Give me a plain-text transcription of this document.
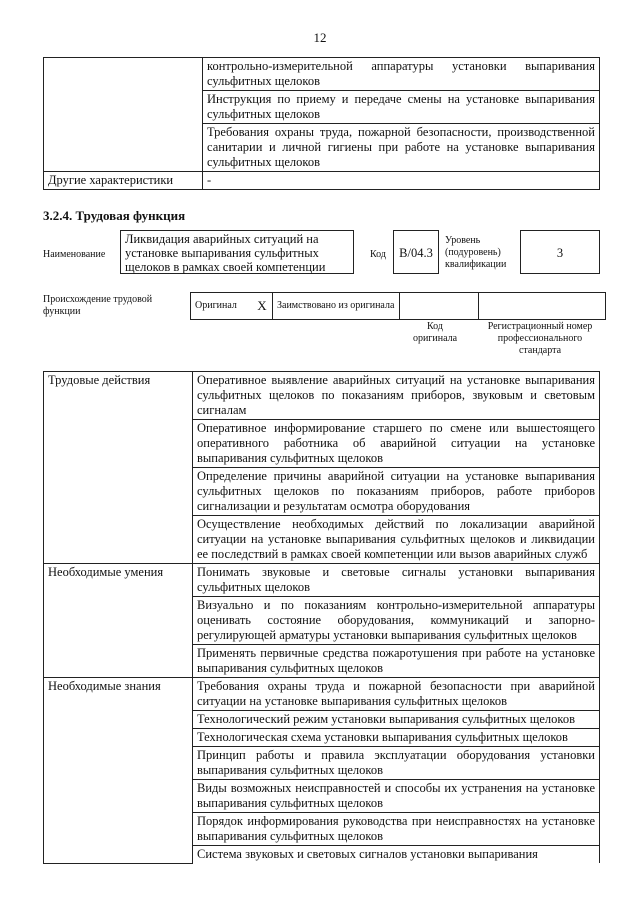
12
	контрольно-измерительной аппаратуры установки выпаривания сульфитных щелоков
	Инструкция по приему и передаче смены на установке выпаривания сульфитных щелоков
	Требования охраны труда, пожарной безопасности, производственной санитарии и личной гигиены при работе на установке выпаривания сульфитных щелоков
Другие характеристики	-
3.2.4. Трудовая функция
Наименование
Ликвидация аварийных ситуаций на установке выпаривания сульфитных щелоков в рамках своей компетенции
Код	B/04.3
Уровень (подуровень) квалификации
3
Происхождение трудовой функции
Оригинал	X	Заимствовано из оригинала		
Код оригинала
Регистрационный номер профессионального стандарта
Трудовые действия	Оперативное выявление аварийных ситуаций на установке выпаривания сульфитных щелоков по показаниям приборов, звуковым и световым сигналам
	Оперативное информирование старшего по смене или вышестоящего оперативного работника об аварийной ситуации на установке выпаривания сульфитных щелоков
	Определение причины аварийной ситуации на установке выпаривания сульфитных щелоков по показаниям приборов, работе приборов сигнализации и результатам осмотра оборудования
	Осуществление необходимых действий по локализации аварийной ситуации на установке выпаривания сульфитных щелоков и ликвидации ее последствий в рамках своей компетенции или вызов аварийных служб
Необходимые умения	Понимать звуковые и световые сигналы установки выпаривания сульфитных щелоков
	Визуально и по показаниям контрольно-измерительной аппаратуры оценивать состояние оборудования, коммуникаций и запорно-регулирующей арматуры установки выпаривания сульфитных щелоков
	Применять первичные средства пожаротушения при работе на установке выпаривания сульфитных щелоков
Необходимые знания	Требования охраны труда и пожарной безопасности при аварийной ситуации на установке выпаривания сульфитных щелоков
	Технологический режим установки выпаривания сульфитных щелоков
	Технологическая схема установки выпаривания сульфитных щелоков
	Принцип работы и правила эксплуатации оборудования установки выпаривания сульфитных щелоков
	Виды возможных неисправностей и способы их устранения на установке выпаривания сульфитных щелоков
	Порядок информирования руководства при неисправностях на установке выпаривания сульфитных щелоков
	Система звуковых и световых сигналов установки выпаривания
